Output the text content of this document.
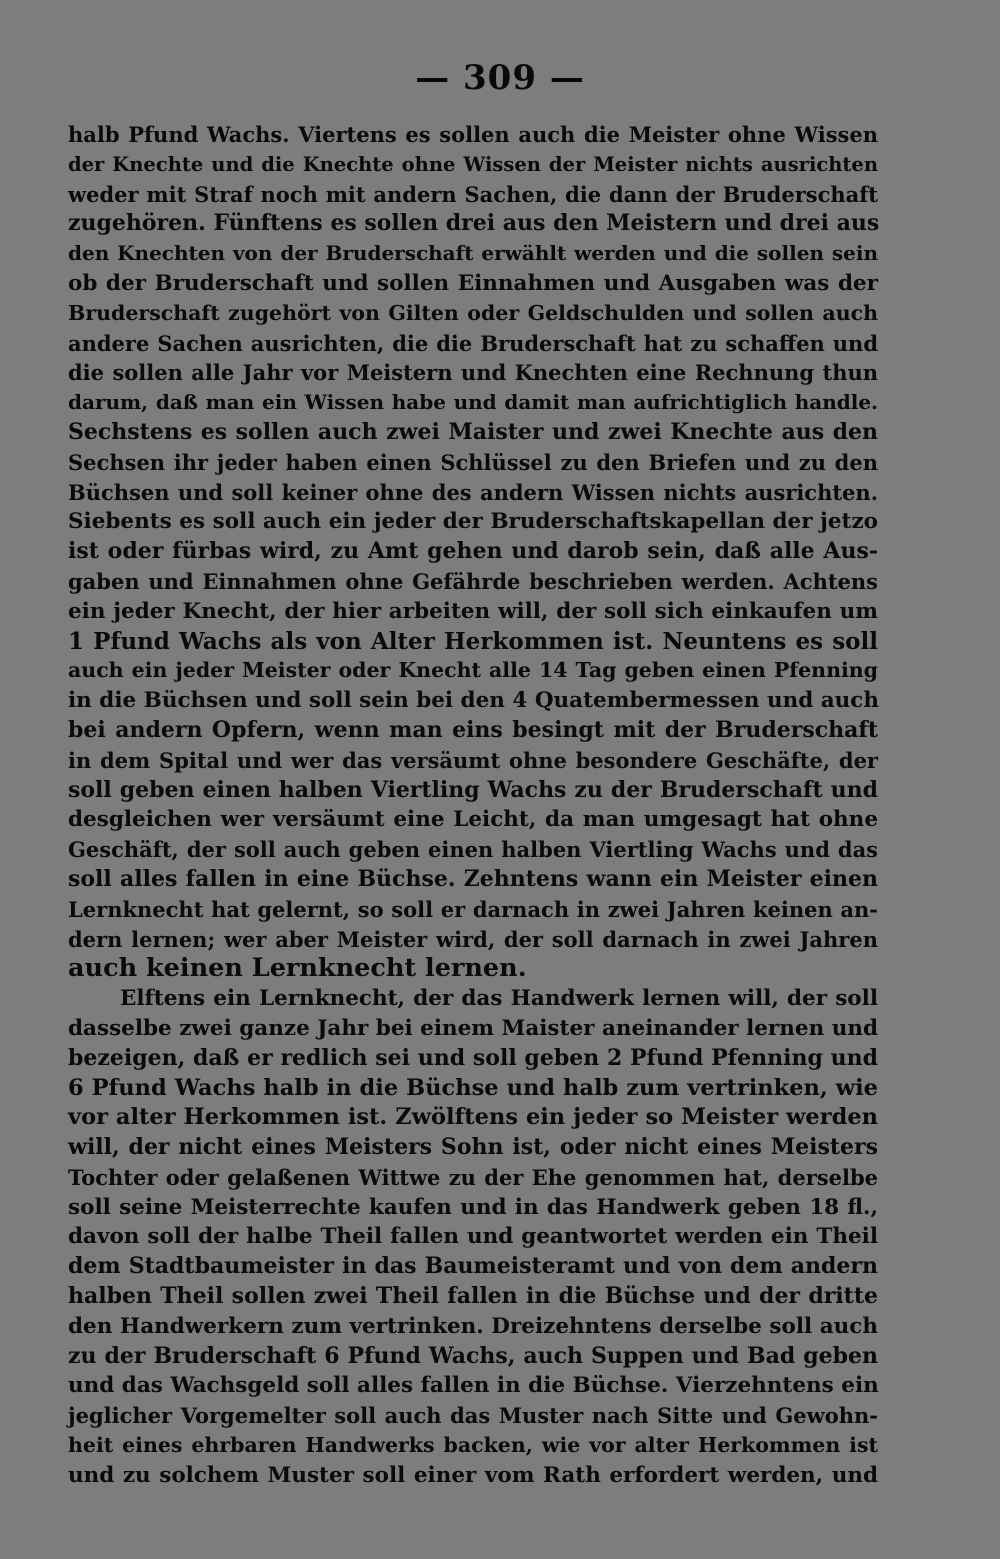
— 309 —
halb Pfund Wachs. Viertens es sollen auch die Meister ohne Wissen
der Knechte und die Knechte ohne Wissen der Meister nichts ausrichten
weder mit Straf noch mit andern Sachen, die dann der Bruderschaft
zugehören. Fünftens es sollen drei aus den Meistern und drei aus
den Knechten von der Bruderschaft erwählt werden und die sollen sein
ob der Bruderschaft und sollen Einnahmen und Ausgaben was der
Bruderschaft zugehört von Gilten oder Geldschulden und sollen auch
andere Sachen ausrichten, die die Bruderschaft hat zu schaffen und
die sollen alle Jahr vor Meistern und Knechten eine Rechnung thun
darum, daß man ein Wissen habe und damit man aufrichtiglich handle.
Sechstens es sollen auch zwei Maister und zwei Knechte aus den
Sechsen ihr jeder haben einen Schlüssel zu den Briefen und zu den
Büchsen und soll keiner ohne des andern Wissen nichts ausrichten.
Siebents es soll auch ein jeder der Bruderschaftskapellan der jetzo
ist oder fürbas wird, zu Amt gehen und darob sein, daß alle Aus-
gaben und Einnahmen ohne Gefährde beschrieben werden. Achtens
ein jeder Knecht, der hier arbeiten will, der soll sich einkaufen um
1 Pfund Wachs als von Alter Herkommen ist. Neuntens es soll
auch ein jeder Meister oder Knecht alle 14 Tag geben einen Pfenning
in die Büchsen und soll sein bei den 4 Quatembermessen und auch
bei andern Opfern, wenn man eins besingt mit der Bruderschaft
in dem Spital und wer das versäumt ohne besondere Geschäfte, der
soll geben einen halben Viertling Wachs zu der Bruderschaft und
desgleichen wer versäumt eine Leicht, da man umgesagt hat ohne
Geschäft, der soll auch geben einen halben Viertling Wachs und das
soll alles fallen in eine Büchse. Zehntens wann ein Meister einen
Lernknecht hat gelernt, so soll er darnach in zwei Jahren keinen an-
dern lernen; wer aber Meister wird, der soll darnach in zwei Jahren
auch keinen Lernknecht lernen.
Elftens ein Lernknecht, der das Handwerk lernen will, der soll
dasselbe zwei ganze Jahr bei einem Maister aneinander lernen und
bezeigen, daß er redlich sei und soll geben 2 Pfund Pfenning und
6 Pfund Wachs halb in die Büchse und halb zum vertrinken, wie
vor alter Herkommen ist. Zwölftens ein jeder so Meister werden
will, der nicht eines Meisters Sohn ist, oder nicht eines Meisters
Tochter oder gelaßenen Wittwe zu der Ehe genommen hat, derselbe
soll seine Meisterrechte kaufen und in das Handwerk geben 18 fl.,
davon soll der halbe Theil fallen und geantwortet werden ein Theil
dem Stadtbaumeister in das Baumeisteramt und von dem andern
halben Theil sollen zwei Theil fallen in die Büchse und der dritte
den Handwerkern zum vertrinken. Dreizehntens derselbe soll auch
zu der Bruderschaft 6 Pfund Wachs, auch Suppen und Bad geben
und das Wachsgeld soll alles fallen in die Büchse. Vierzehntens ein
jeglicher Vorgemelter soll auch das Muster nach Sitte und Gewohn-
heit eines ehrbaren Handwerks backen, wie vor alter Herkommen ist
und zu solchem Muster soll einer vom Rath erfordert werden, und
